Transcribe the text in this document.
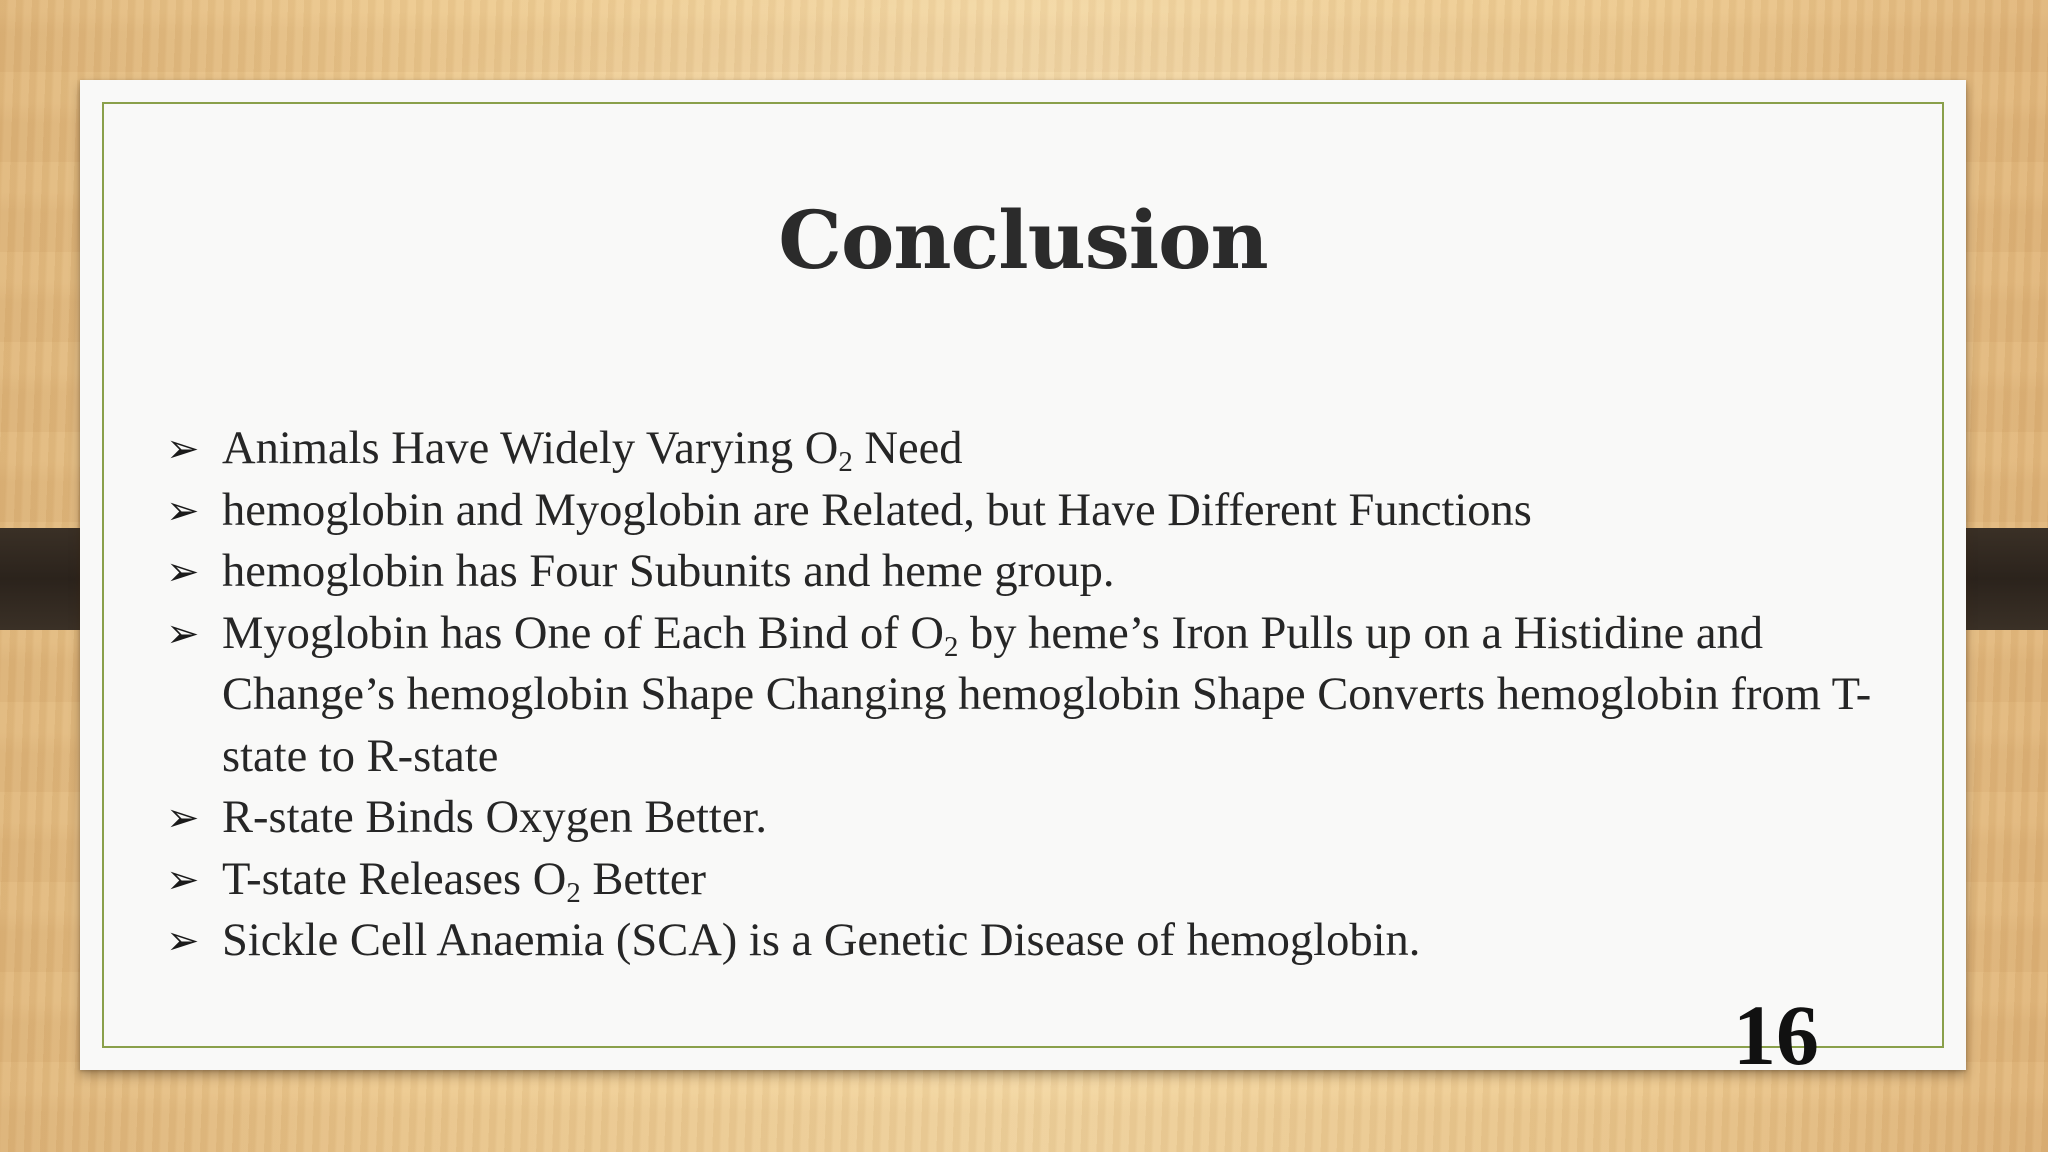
Conclusion
➢ Animals Have Widely Varying $O_2$ Need
➢ hemoglobin and Myoglobin are Related, but Have Different Functions
➢ hemoglobin has Four Subunits and heme group.
➢ Myoglobin has One of Each Bind of $O_2$ by heme’s Iron Pulls up on a Histidine and Change’s hemoglobin Shape Changing hemoglobin Shape Converts hemoglobin from T-state to R-state
➢ R-state Binds Oxygen Better.
➢ T-state Releases $O_2$ Better
➢ Sickle Cell Anaemia (SCA) is a Genetic Disease of hemoglobin.
16
